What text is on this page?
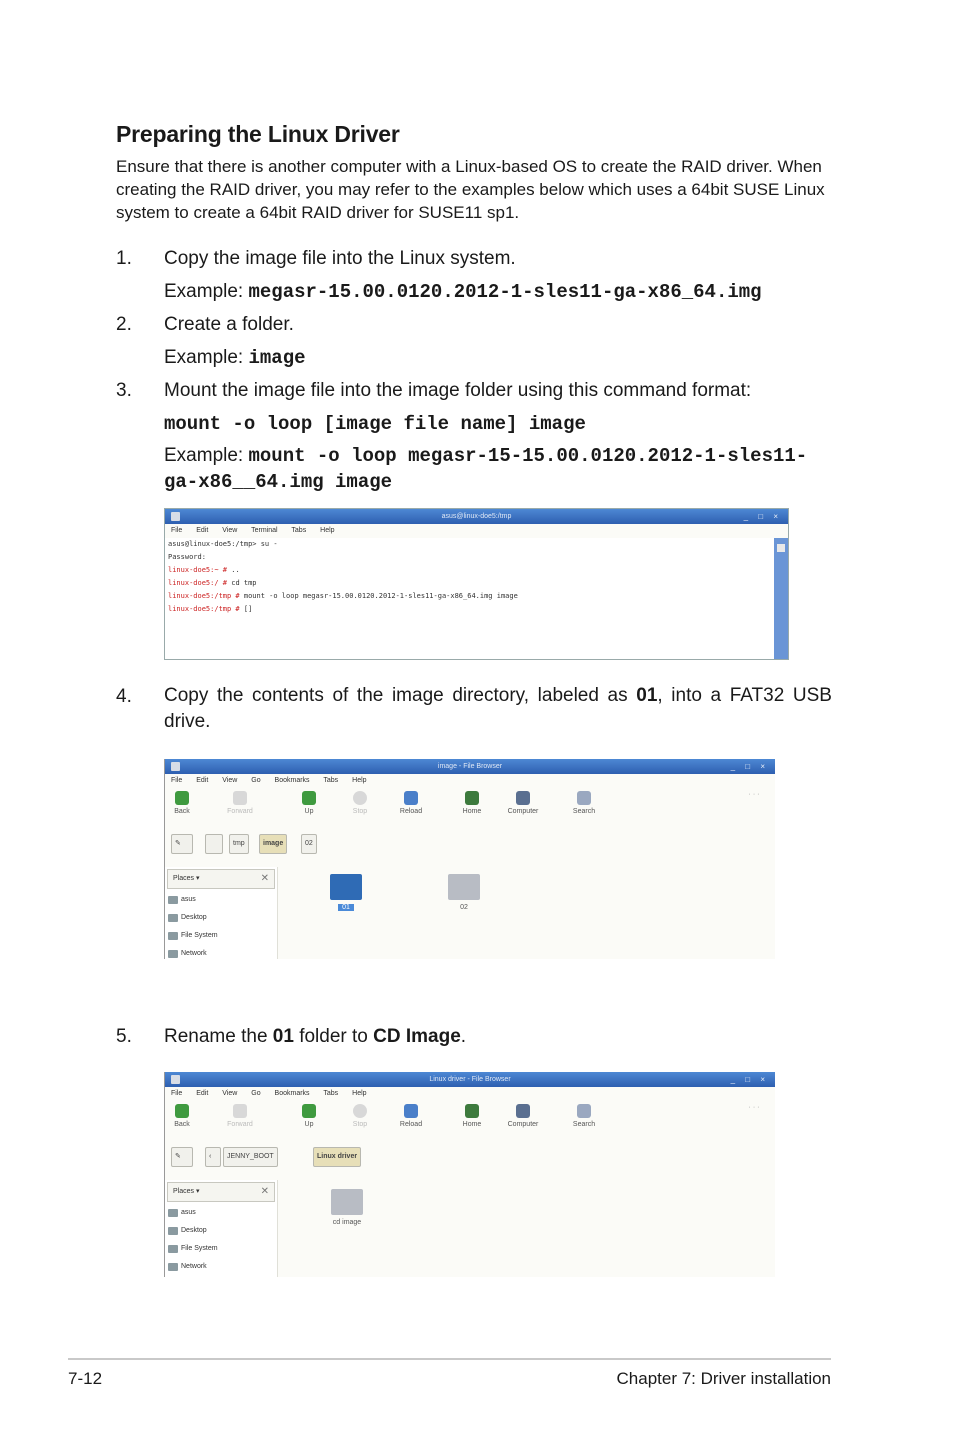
Preparing the Linux Driver
Ensure that there is another computer with a Linux-based OS to create the RAID driver. When creating the RAID driver, you may refer to the examples below which uses a 64bit SUSE Linux system to create a 64bit RAID driver for SUSE11 sp1.
1. Copy the image file into the Linux system.
Example: megasr-15.00.0120.2012-1-sles11-ga-x86_64.img
2. Create a folder.
Example: image
3. Mount the image file into the image folder using this command format:
mount -o loop [image file name] image
Example: mount -o loop megasr-15-15.00.0120.2012-1-sles11-
ga-x86__64.img image
asus@linux-doe5:/tmp	_ □ ×
File Edit View Terminal Tabs Help
asus@linux-doe5:/tmp> su -
Password:
linux-doe5:~ # ..
linux-doe5:/ # cd tmp
linux-doe5:/tmp # mount -o loop megasr-15.00.0120.2012-1-sles11-ga-x86_64.img image
linux-doe5:/tmp # []
4. Copy the contents of the image directory, labeled as 01, into a FAT32 USB drive.
image - File Browser	_ □ ×
File Edit View Go Bookmarks Tabs Help
Back	Forward	Up	Stop	Reload	Home	Computer	Search
· · ·
✎	tmp	image	02
Places ▾	✕
asus
Desktop
File System
Network
01	02
5. Rename the 01 folder to CD Image.
Linux driver - File Browser	_ □ ×
File Edit View Go Bookmarks Tabs Help
Back	Forward	Up	Stop	Reload	Home	Computer	Search
· · ·
✎	‹	JENNY_BOOT	Linux driver
Places ▾	✕
asus
Desktop
File System
Network
cd image
7-12	Chapter 7: Driver installation
